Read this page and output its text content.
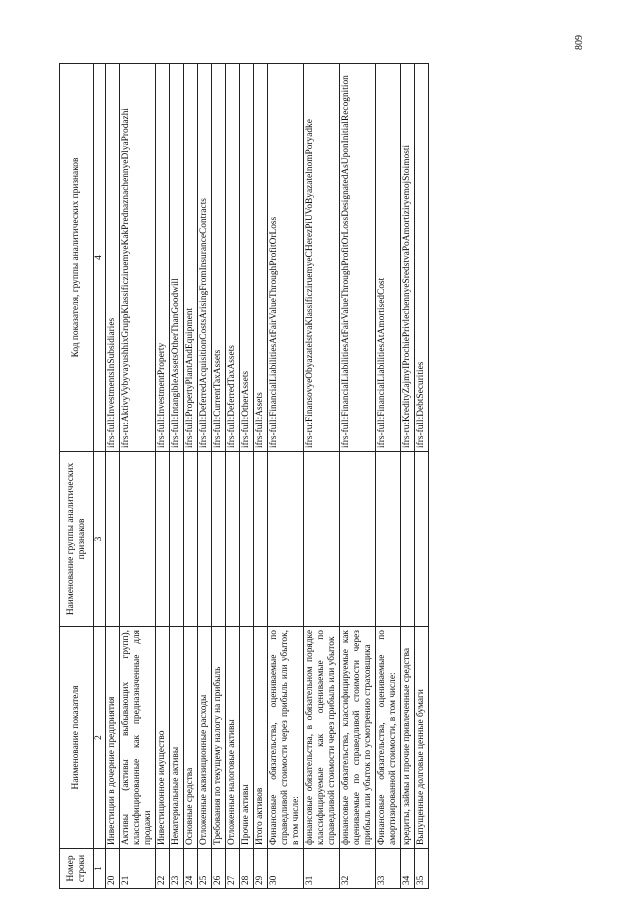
809
Номер строки	Наименование показателя	Наименование группы аналитических признаков	Код показателя, группы аналитических признаков
1	2	3	4
20	Инвестиции в дочерние предприятия		ifrs-full:InvestmentsInSubsidiaries
21	Активы (активы выбывающих групп), классифицированные как предназначенные для продажи		ifrs-ru:AktivyVybyvayushhixGruppKlassificziruemyeKakPrednaznachennyeDlyaProdazhi
22	Инвестиционное имущество		ifrs-full:InvestmentProperty
23	Нематериальные активы		ifrs-full:IntangibleAssetsOtherThanGoodwill
24	Основные средства		ifrs-full:PropertyPlantAndEquipment
25	Отложенные аквизиционные расходы		ifrs-full:DeferredAcquisitionCostsArisingFromInsuranceContracts
26	Требования по текущему налогу на прибыль		ifrs-full:CurrentTaxAssets
27	Отложенные налоговые активы		ifrs-full:DeferredTaxAssets
28	Прочие активы		ifrs-full:OtherAssets
29	Итого активов		ifrs-full:Assets
30	Финансовые обязательства, оцениваемые по справедливой стоимости через прибыль или убыток, в том числе:		ifrs-full:FinancialLiabilitiesAtFairValueThroughProfitOrLoss
31	финансовые обязательства, в обязательном порядке классифицируемые как оцениваемые по справедливой стоимости через прибыль или убыток		ifrs-ru:FinansovyeObyazatelstvaKlassificziruemyeCHerezPiUVoByazatelnomPoryadke
32	финансовые обязательства, классифицируемые как оцениваемые по справедливой стоимости через прибыль или убыток по усмотрению страховщика		ifrs-full:FinancialLiabilitiesAtFairValueThroughProfitOrLossDesignatedAsUponInitialRecognition
33	Финансовые обязательства, оцениваемые по амортизированной стоимости, в том числе:		ifrs-full:FinancialLiabilitiesAtAmortisedCost
34	кредиты, займы и прочие привлеченные средства		ifrs-ru:KredityZajmyIProchiePrivlechennyeSredstvaPoAmortizirуemojStoimosti
35	Выпущенные долговые ценные бумаги		ifrs-full:DebtSecurities
